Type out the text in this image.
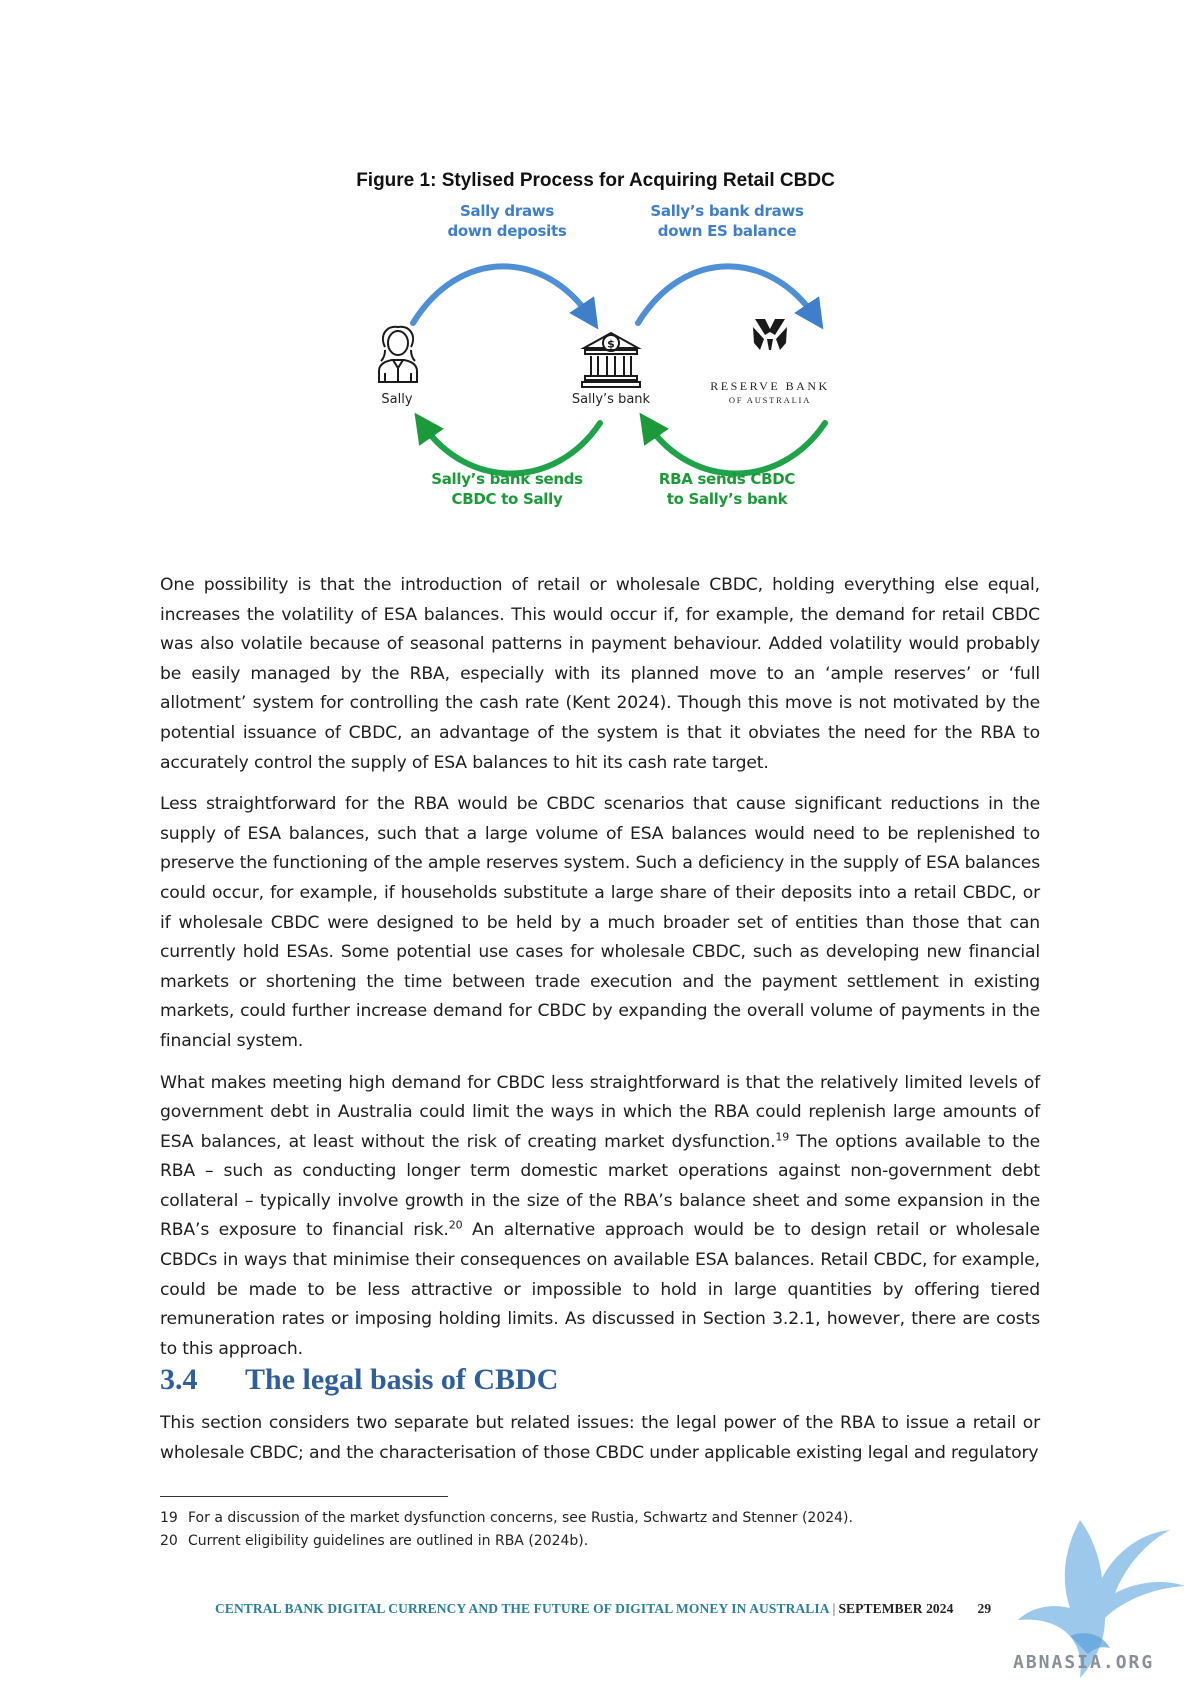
Figure 1: Stylised Process for Acquiring Retail CBDC
$
Sally draws
down deposits
Sally’s bank draws
down ES balance
Sally’s bank sends
CBDC to Sally
RBA sends CBDC
to Sally’s bank
Sally	Sally’s bank
RESERVE BANK
OF AUSTRALIA

One possibility is that the introduction of retail or wholesale CBDC, holding everything else equal, increases the volatility of ESA balances. This would occur if, for example, the demand for retail CBDC was also volatile because of seasonal patterns in payment behaviour. Added volatility would probably be easily managed by the RBA, especially with its planned move to an ‘ample reserves’ or ‘full allotment’ system for controlling the cash rate (Kent 2024). Though this move is not motivated by the potential issuance of CBDC, an advantage of the system is that it obviates the need for the RBA to accurately control the supply of ESA balances to hit its cash rate target.

Less straightforward for the RBA would be CBDC scenarios that cause significant reductions in the supply of ESA balances, such that a large volume of ESA balances would need to be replenished to preserve the functioning of the ample reserves system. Such a deficiency in the supply of ESA balances could occur, for example, if households substitute a large share of their deposits into a retail CBDC, or if wholesale CBDC were designed to be held by a much broader set of entities than those that can currently hold ESAs. Some potential use cases for wholesale CBDC, such as developing new financial markets or shortening the time between trade execution and the payment settlement in existing markets, could further increase demand for CBDC by expanding the overall volume of payments in the financial system.

What makes meeting high demand for CBDC less straightforward is that the relatively limited levels of government debt in Australia could limit the ways in which the RBA could replenish large amounts of ESA balances, at least without the risk of creating market dysfunction.$^{19}$ The options available to the RBA – such as conducting longer term domestic market operations against non-government debt collateral – typically involve growth in the size of the RBA’s balance sheet and some expansion in the RBA’s exposure to financial risk.$^{20}$ An alternative approach would be to design retail or wholesale CBDCs in ways that minimise their consequences on available ESA balances. Retail CBDC, for example, could be made to be less attractive or impossible to hold in large quantities by offering tiered remuneration rates or imposing holding limits. As discussed in Section 3.2.1, however, there are costs to this approach.

3.4 The legal basis of CBDC

This section considers two separate but related issues: the legal power of the RBA to issue a retail or wholesale CBDC; and the characterisation of those CBDC under applicable existing legal and regulatory

19 For a discussion of the market dysfunction concerns, see Rustia, Schwartz and Stenner (2024).
20 Current eligibility guidelines are outlined in RBA (2024b).
CENTRAL BANK DIGITAL CURRENCY AND THE FUTURE OF DIGITAL MONEY IN AUSTRALIA | SEPTEMBER 2024 29
ABNASIA.ORG
